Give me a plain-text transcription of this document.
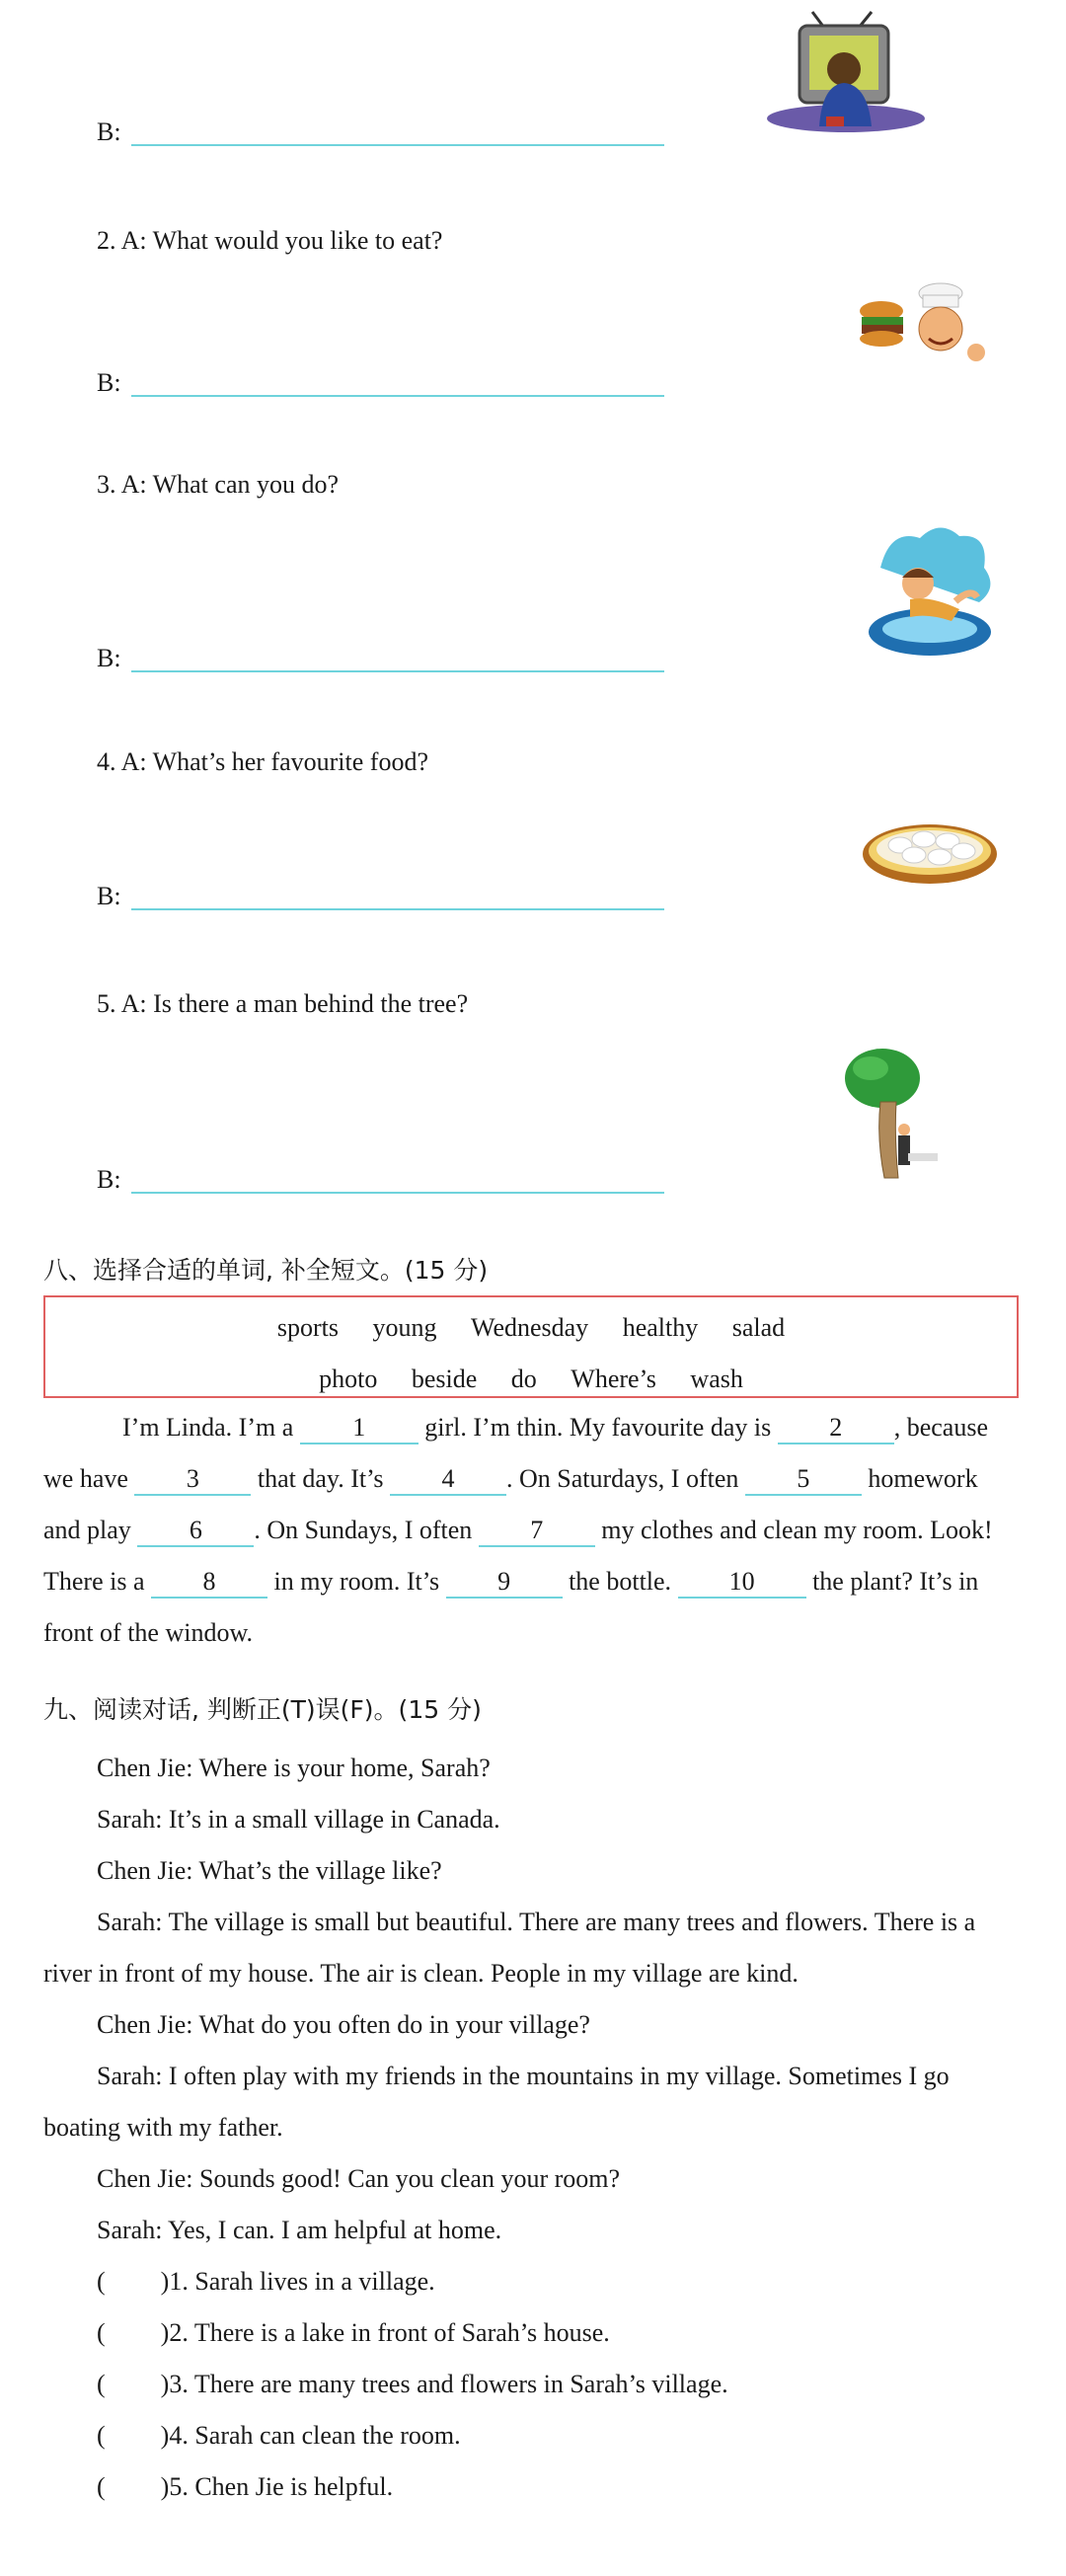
B:
2. A: What would you like to eat?
B:
3. A: What can you do?
B:
4. A: What’s her favourite food?
B:
5. A: Is there a man behind the tree?
B:
八、选择合适的单词, 补全短文。(15 分)
sports young Wednesday healthy salad
photo beside do Where’s wash
I’m Linda. I’m a 1 girl. I’m thin. My favourite day is 2 , because
we have 3 that day. It’s 4 . On Saturdays, I often 5 homework
and play 6 . On Sundays, I often 7 my clothes and clean my room. Look!
There is a 8 in my room. It’s 9 the bottle. 10 the plant? It’s in
front of the window.
九、阅读对话, 判断正(T)误(F)。(15 分)
Chen Jie: Where is your home, Sarah?
Sarah: It’s in a small village in Canada.
Chen Jie: What’s the village like?
Sarah: The village is small but beautiful. There are many trees and flowers. There is a
river in front of my house. The air is clean. People in my village are kind.
Chen Jie: What do you often do in your village?
Sarah: I often play with my friends in the mountains in my village. Sometimes I go
boating with my father.
Chen Jie: Sounds good! Can you clean your room?
Sarah: Yes, I can. I am helpful at home.
( )1. Sarah lives in a village.
( )2. There is a lake in front of Sarah’s house.
( )3. There are many trees and flowers in Sarah’s village.
( )4. Sarah can clean the room.
( )5. Chen Jie is helpful.
